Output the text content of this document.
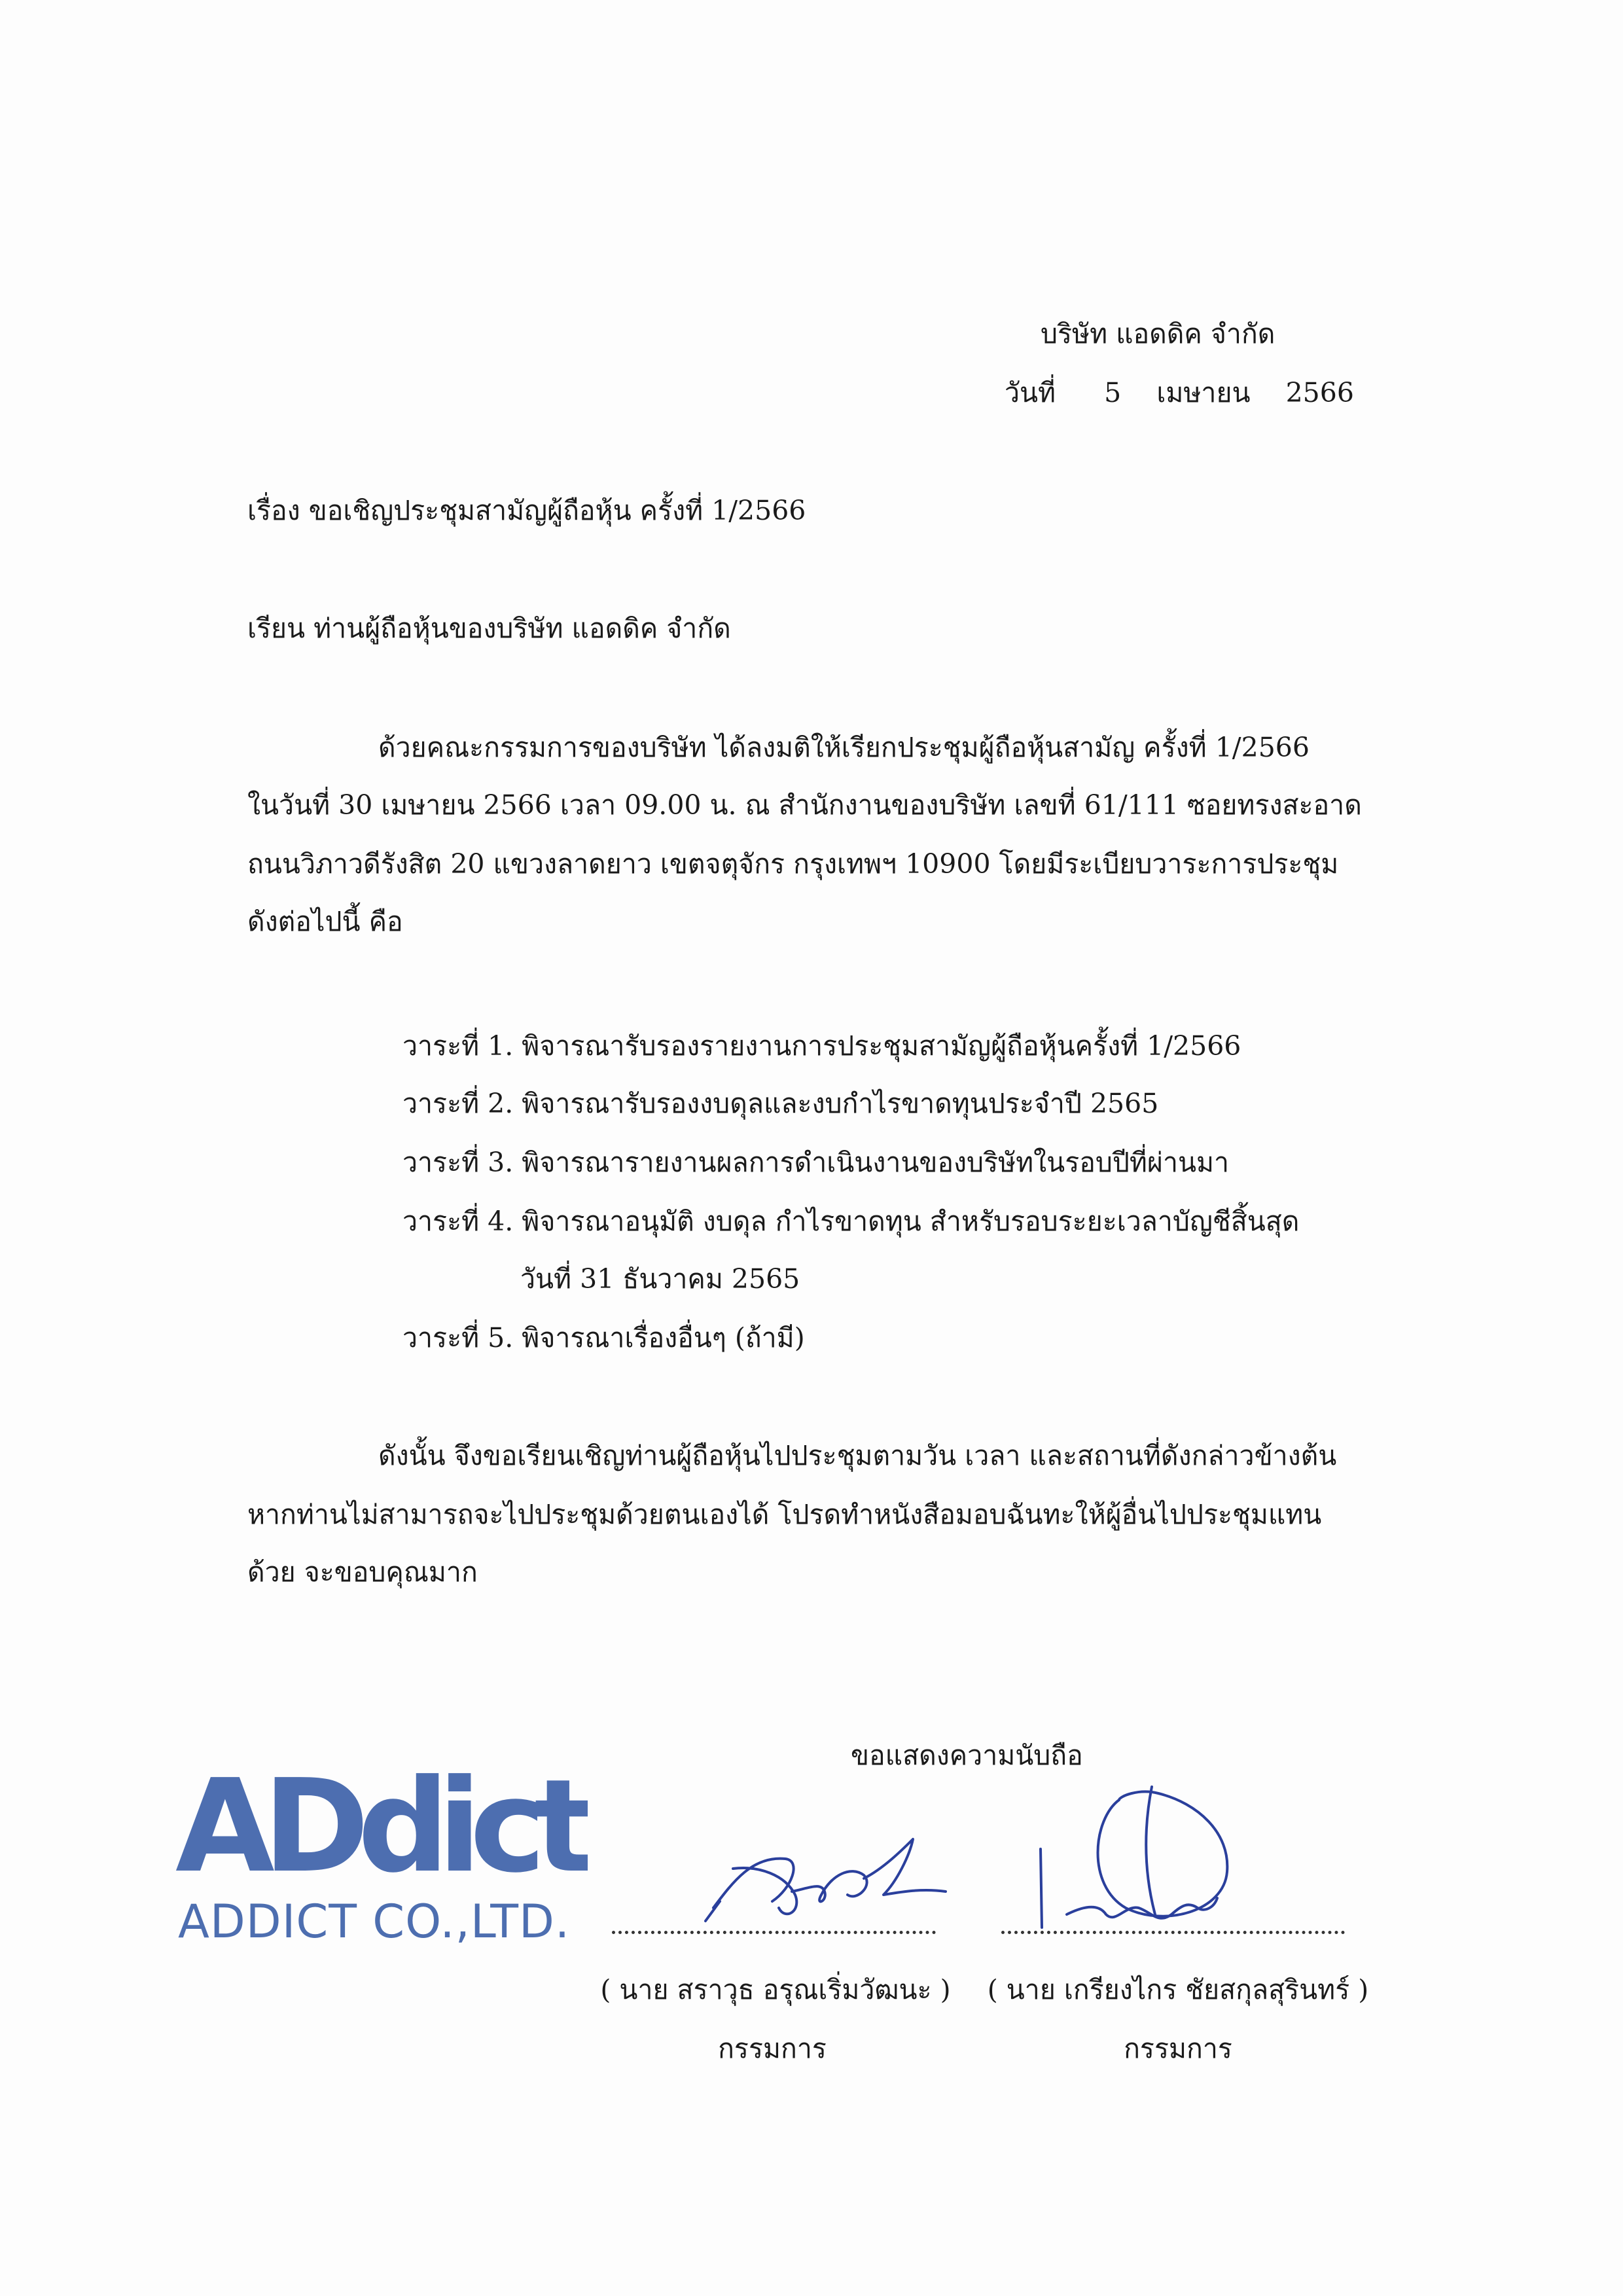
บริษัท แอดดิค จำกัด
วันที่ 5 เมษายน 2566
เรื่อง ขอเชิญประชุมสามัญผู้ถือหุ้น ครั้งที่ 1/2566
เรียน ท่านผู้ถือหุ้นของบริษัท แอดดิค จำกัด
ด้วยคณะกรรมการของบริษัท ได้ลงมติให้เรียกประชุมผู้ถือหุ้นสามัญ ครั้งที่ 1/2566
ในวันที่ 30 เมษายน 2566 เวลา 09.00 น. ณ สำนักงานของบริษัท เลขที่ 61/111 ซอยทรงสะอาด
ถนนวิภาวดีรังสิต 20 แขวงลาดยาว เขตจตุจักร กรุงเทพฯ 10900 โดยมีระเบียบวาระการประชุม
ดังต่อไปนี้ คือ
วาระที่ 1. พิจารณารับรองรายงานการประชุมสามัญผู้ถือหุ้นครั้งที่ 1/2566
วาระที่ 2. พิจารณารับรองงบดุลและงบกำไรขาดทุนประจำปี 2565
วาระที่ 3. พิจารณารายงานผลการดำเนินงานของบริษัทในรอบปีที่ผ่านมา
วาระที่ 4. พิจารณาอนุมัติ งบดุล กำไรขาดทุน สำหรับรอบระยะเวลาบัญชีสิ้นสุด
วันที่ 31 ธันวาคม 2565
วาระที่ 5. พิจารณาเรื่องอื่นๆ (ถ้ามี)
ดังนั้น จึงขอเรียนเชิญท่านผู้ถือหุ้นไปประชุมตามวัน เวลา และสถานที่ดังกล่าวข้างต้น
หากท่านไม่สามารถจะไปประชุมด้วยตนเองได้ โปรดทำหนังสือมอบฉันทะให้ผู้อื่นไปประชุมแทน
ด้วย จะขอบคุณมาก
ขอแสดงความนับถือ
ADdict
ADDICT CO.,LTD.
( นาย สราวุธ อรุณเริ่มวัฒนะ )	( นาย เกรียงไกร ชัยสกุลสุรินทร์ )
กรรมการ	กรรมการ
